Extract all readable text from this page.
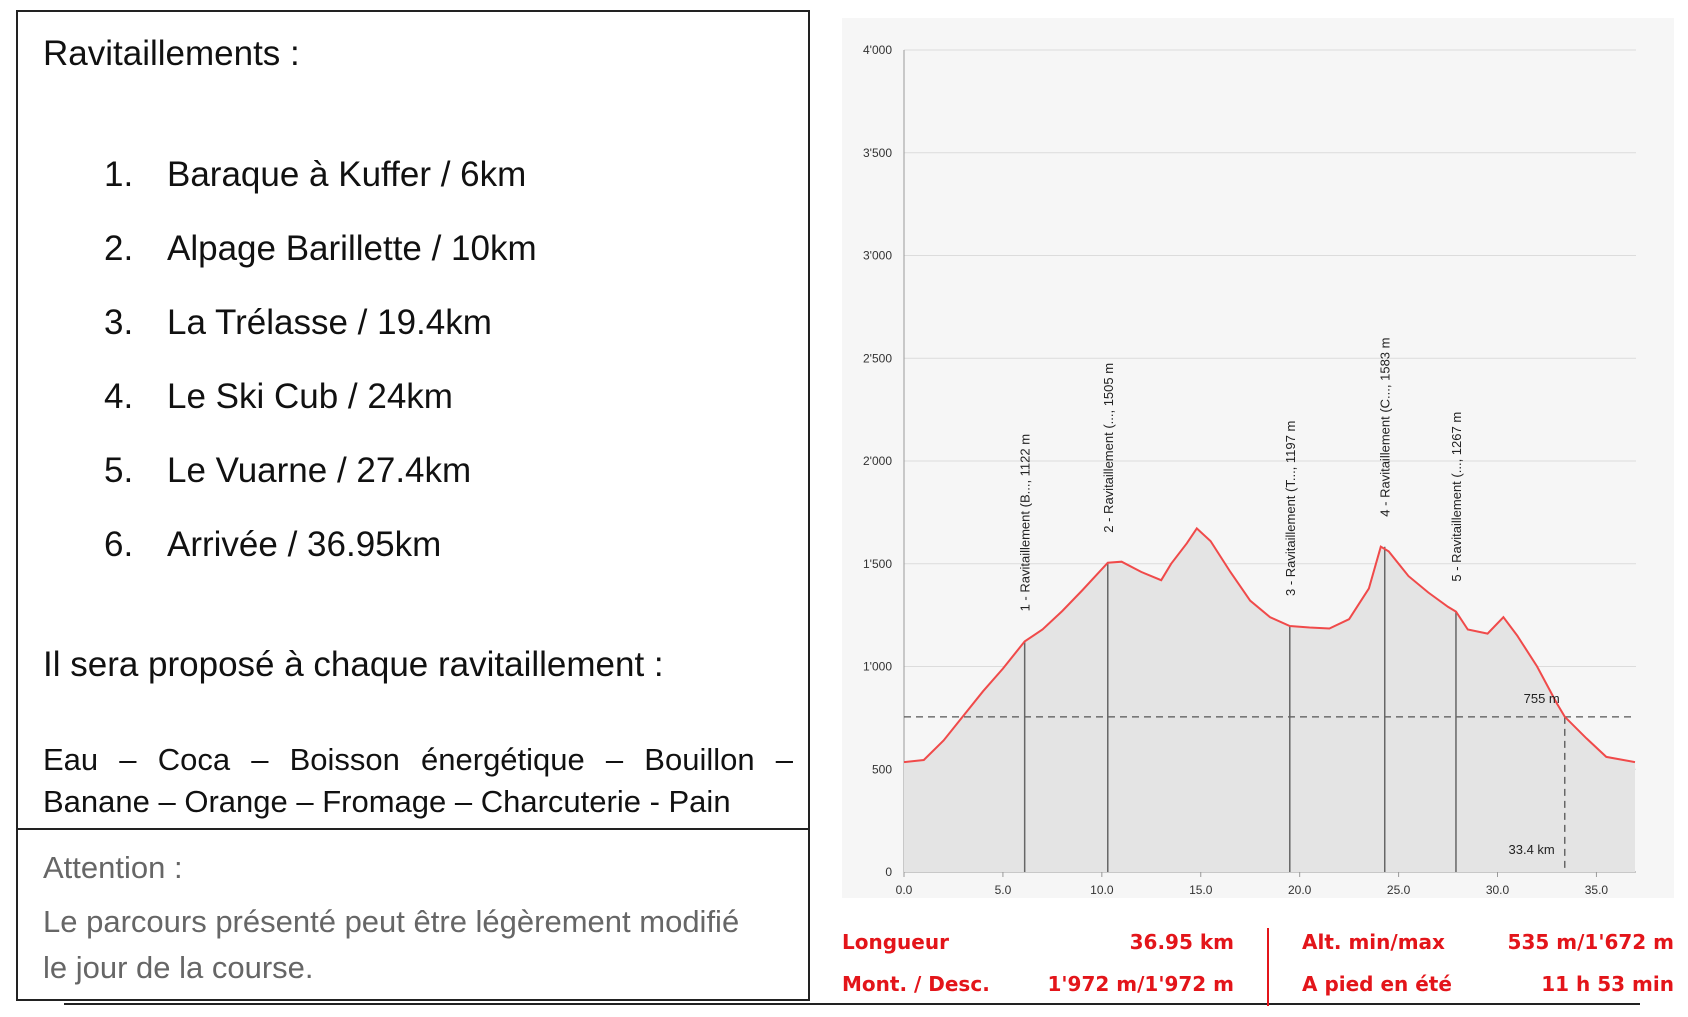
Ravitaillements :
1. Baraque à Kuffer / 6km
2. Alpage Barillette / 10km
3. La Trélasse / 19.4km
4. Le Ski Cub / 24km
5. Le Vuarne / 27.4km
6. Arrivée / 36.95km
Il sera proposé à chaque ravitaillement :

Eau – Coca – Boisson énergétique – Bouillon – Banane – Orange – Fromage – Charcuterie - Pain

Attention :

Le parcours présenté peut être légèrement modifié le jour de la course.

0
500
1'000
1'500
2'000
2'500
3'000
3'500
4'000
0.0	5.0	10.0	15.0	20.0	25.0	30.0	35.0
1 - Ravitaillement (B..., 1122 m	2 - Ravitaillement (..., 1505 m	3 - Ravitaillement (T..., 1197 m	4 - Ravitaillement (C..., 1583 m	5 - Ravitaillement (..., 1267 m
755 m
33.4 km
Longueur	36.95 km
Mont. / Desc.	1'972 m/1'972 m
Alt. min/max	535 m/1'672 m
A pied en été	11 h 53 min
